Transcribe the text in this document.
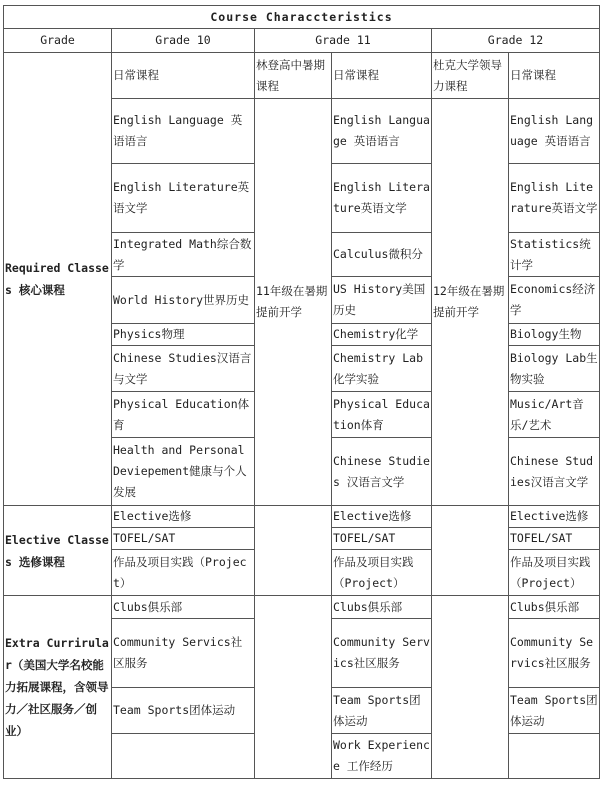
Course Characcteristics					
Grade	Grade 10	Grade 11		Grade 12	
Required Classes 核心课程	日常课程	林登高中暑期课程	日常课程	杜克大学领导力课程	日常课程
	English Language 英语语言	11年级在暑期提前开学	English Language 英语语言	12年级在暑期提前开学	English Language 英语语言
	English Literature英语文学		English Literature英语文学		English Literature英语文学
	Integrated Math综合数学		Calculus微积分		Statistics统计学
	World History世界历史		US History美国历史		Economics经济学
	Physics物理		Chemistry化学		Biology生物
	Chinese Studies汉语言与文学		Chemistry Lab化学实验		Biology Lab生物实验
	Physical Education体育		Physical Education体育		Music/Art音乐/艺术
	Health and Personal Deviepement健康与个人发展		Chinese Studies 汉语言文学		Chinese Studies汉语言文学
Elective Classes 选修课程	Elective选修		Elective选修		Elective选修
	TOFEL/SAT		TOFEL/SAT		TOFEL/SAT
	作品及项目实践（Project）		作品及项目实践（Project）		作品及项目实践（Project）
Extra Currirular（美国大学名校能力拓展课程，含领导力／社区服务／创业）	Clubs俱乐部		Clubs俱乐部		Clubs俱乐部
	Community Servics社区服务		Community Servics社区服务		Community Servics社区服务
	Team Sports团体运动		Team Sports团体运动		Team Sports团体运动
			Work Experience 工作经历		
